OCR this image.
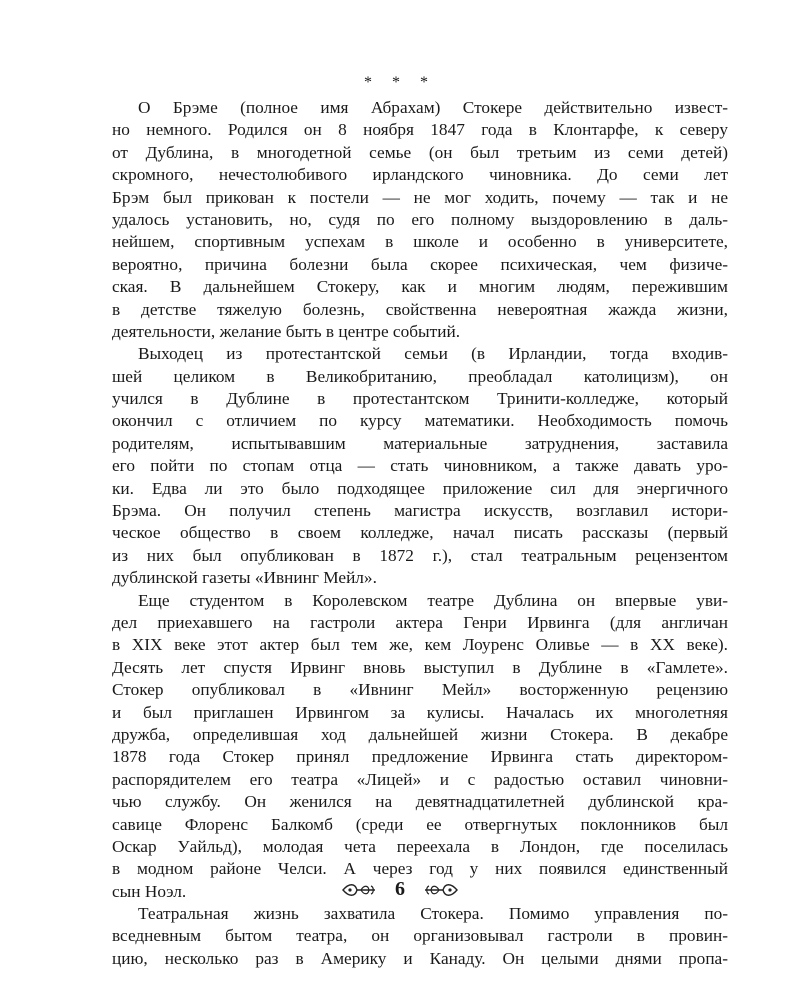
* * *
О Брэме (полное имя Абрахам) Стокере действительно извест-
но немного. Родился он 8 ноября 1847 года в Клонтарфе, к северу
от Дублина, в многодетной семье (он был третьим из семи детей)
скромного, нечестолюбивого ирландского чиновника. До семи лет
Брэм был прикован к постели — не мог ходить, почему — так и не
удалось установить, но, судя по его полному выздоровлению в даль-
нейшем, спортивным успехам в школе и особенно в университете,
вероятно, причина болезни была скорее психическая, чем физиче-
ская. В дальнейшем Стокеру, как и многим людям, пережившим
в детстве тяжелую болезнь, свойственна невероятная жажда жизни,
деятельности, желание быть в центре событий.
Выходец из протестантской семьи (в Ирландии, тогда входив-
шей целиком в Великобританию, преобладал католицизм), он
учился в Дублине в протестантском Тринити-колледже, который
окончил с отличием по курсу математики. Необходимость помочь
родителям, испытывавшим материальные затруднения, заставила
его пойти по стопам отца — стать чиновником, а также давать уро-
ки. Едва ли это было подходящее приложение сил для энергичного
Брэма. Он получил степень магистра искусств, возглавил истори-
ческое общество в своем колледже, начал писать рассказы (первый
из них был опубликован в 1872 г.), стал театральным рецензентом
дублинской газеты «Ивнинг Мейл».
Еще студентом в Королевском театре Дублина он впервые уви-
дел приехавшего на гастроли актера Генри Ирвинга (для англичан
в XIX веке этот актер был тем же, кем Лоуренс Оливье — в XX веке).
Десять лет спустя Ирвинг вновь выступил в Дублине в «Гамлете».
Стокер опубликовал в «Ивнинг Мейл» восторженную рецензию
и был приглашен Ирвингом за кулисы. Началась их многолетняя
дружба, определившая ход дальнейшей жизни Стокера. В декабре
1878 года Стокер принял предложение Ирвинга стать директором-
распорядителем его театра «Лицей» и с радостью оставил чиновни-
чью службу. Он женился на девятнадцатилетней дублинской кра-
савице Флоренс Балкомб (среди ее отвергнутых поклонников был
Оскар Уайльд), молодая чета переехала в Лондон, где поселилась
в модном районе Челси. А через год у них появился единственный
сын Ноэл.
Театральная жизнь захватила Стокера. Помимо управления по-
вседневным бытом театра, он организовывал гастроли в провин-
цию, несколько раз в Америку и Канаду. Он целыми днями пропа-
6
